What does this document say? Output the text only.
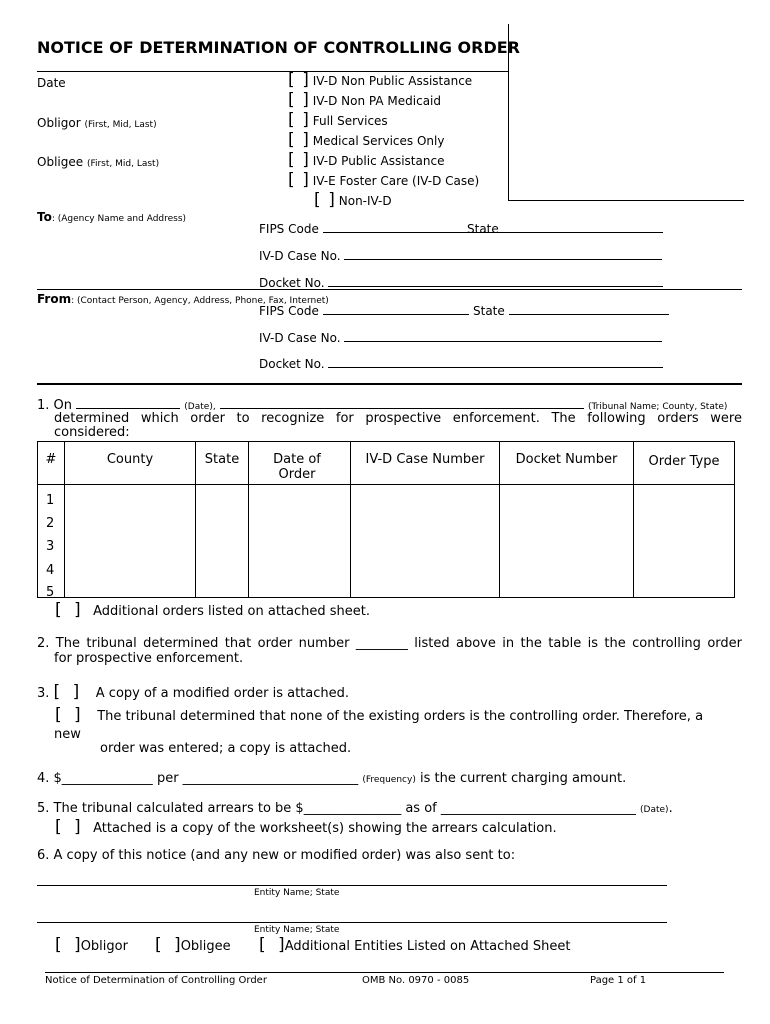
NOTICE OF DETERMINATION OF CONTROLLING ORDER
Date
Obligor (First, Mid, Last)
Obligee (First, Mid, Last)
[ ] IV-D Non Public Assistance
[ ] IV-D Non PA Medicaid
[ ] Full Services
[ ] Medical Services Only
[ ] IV-D Public Assistance
[ ] IV-E Foster Care (IV-D Case)
[ ] Non-IV-D
To: (Agency Name and Address)
FIPS Code	State
IV-D Case No.
Docket No.
From: (Contact Person, Agency, Address, Phone, Fax, Internet)
FIPS Code	State
IV-D Case No.
Docket No.
1. On	(Date),	(Tribunal Name; County, State)
determined which order to recognize for prospective enforcement. The following orders were
considered:
#	County	State	Date of Order	IV-D Case Number	Docket Number	Order Type

1
2
3
4
5
[ ] Additional orders listed on attached sheet.
2. The tribunal determined that order number ________ listed above in the table is the controlling order
for prospective enforcement.
3. [ ] A copy of a modified order is attached.
[ ] The tribunal determined that none of the existing orders is the controlling order. Therefore, a
new
order was entered; a copy is attached.
4. $______________ per ___________________________ (Frequency) is the current charging amount.
5. The tribunal calculated arrears to be $_______________ as of ______________________________ (Date).
[ ] Attached is a copy of the worksheet(s) showing the arrears calculation.
6. A copy of this notice (and any new or modified order) was also sent to:
Entity Name; State
Entity Name; State
[ ]Obligor [ ]Obligee [ ]Additional Entities Listed on Attached Sheet
Notice of Determination of Controlling Order	OMB No. 0970 - 0085	Page 1 of 1
